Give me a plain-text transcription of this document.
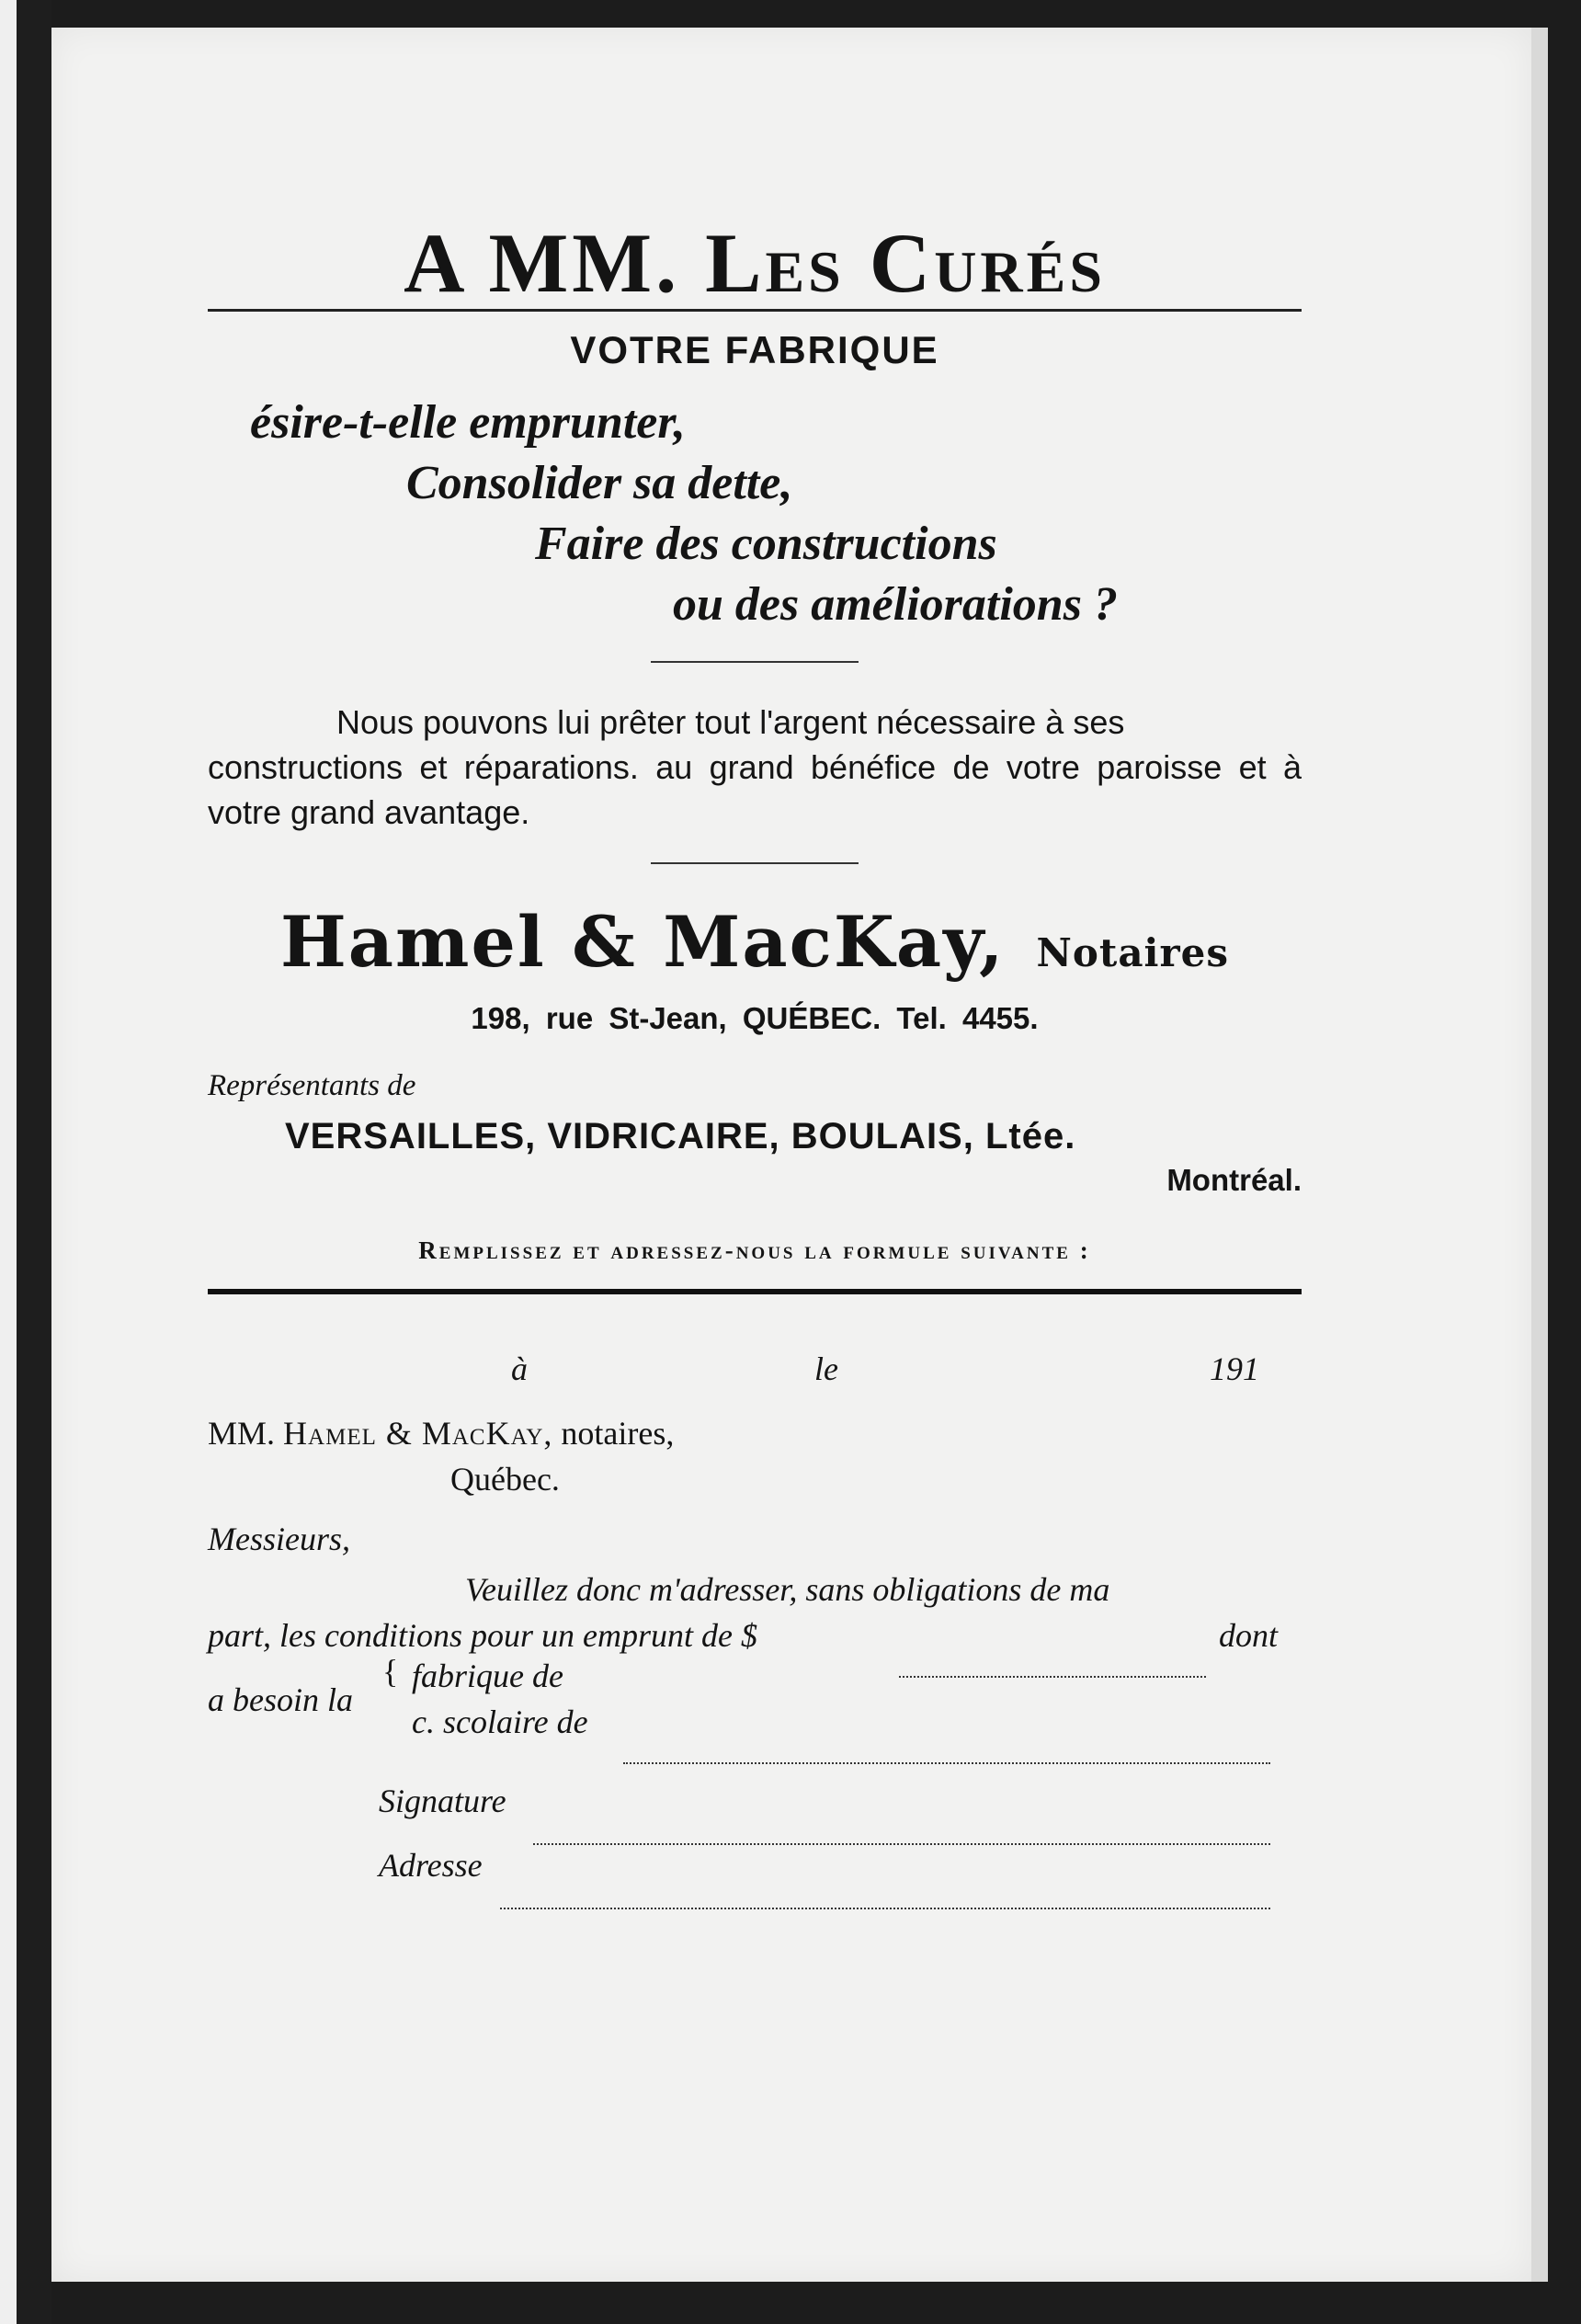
A MM. Les Curés
VOTRE FABRIQUE
ésire-t-elle emprunter,
Consolider sa dette,
Faire des constructions
ou des améliorations ?
Nous pouvons lui prêter tout l'argent nécessaire à ses
constructions et réparations. au grand bénéfice de votre paroisse et à votre grand avantage.
Hamel & MacKay, Notaires
198, rue St-Jean, QUÉBEC. Tel. 4455.
Représentants de
VERSAILLES, VIDRICAIRE, BOULAIS, Ltée.
Montréal.
Remplissez et adressez-nous la formule suivante :
à	le	191
MM. Hamel & MacKay, notaires,
Québec.
Messieurs,
Veuillez donc m'adresser, sans obligations de ma
part, les conditions pour un emprunt de $	dont
a besoin la
{ fabrique de
c. scolaire de
Signature
Adresse
